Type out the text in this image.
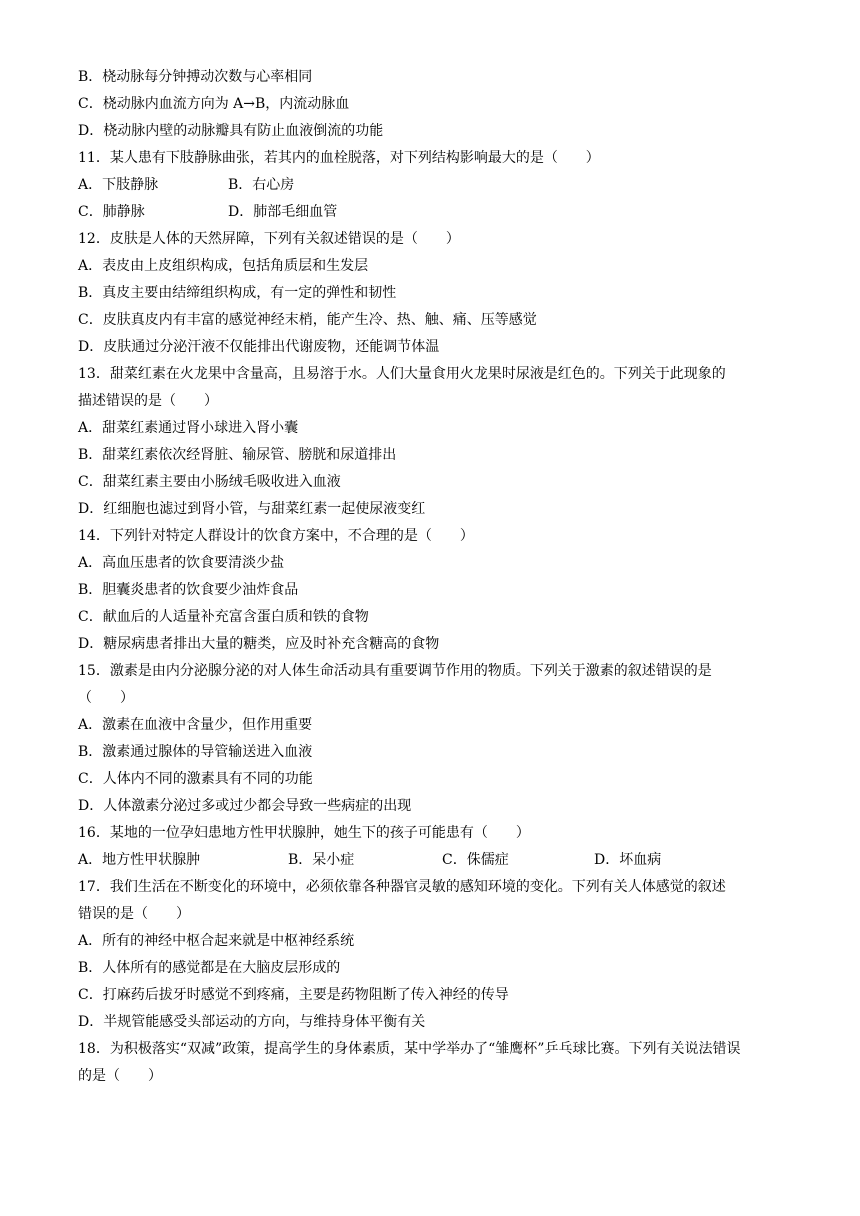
B．桡动脉每分钟搏动次数与心率相同
C．桡动脉内血流方向为 A→B，内流动脉血
D．桡动脉内壁的动脉瓣具有防止血液倒流的功能
11．某人患有下肢静脉曲张，若其内的血栓脱落，对下列结构影响最大的是（　　）
A．下肢静脉	B．右心房
C．肺静脉	D．肺部毛细血管
12．皮肤是人体的天然屏障，下列有关叙述错误的是（　　）
A．表皮由上皮组织构成，包括角质层和生发层
B．真皮主要由结缔组织构成，有一定的弹性和韧性
C．皮肤真皮内有丰富的感觉神经末梢，能产生冷、热、触、痛、压等感觉
D．皮肤通过分泌汗液不仅能排出代谢废物，还能调节体温
13．甜菜红素在火龙果中含量高，且易溶于水。人们大量食用火龙果时尿液是红色的。下列关于此现象的
描述错误的是（　　）
A．甜菜红素通过肾小球进入肾小囊
B．甜菜红素依次经肾脏、输尿管、膀胱和尿道排出
C．甜菜红素主要由小肠绒毛吸收进入血液
D．红细胞也滤过到肾小管，与甜菜红素一起使尿液变红
14．下列针对特定人群设计的饮食方案中，不合理的是（　　）
A．高血压患者的饮食要清淡少盐
B．胆囊炎患者的饮食要少油炸食品
C．献血后的人适量补充富含蛋白质和铁的食物
D．糖尿病患者排出大量的糖类，应及时补充含糖高的食物
15．激素是由内分泌腺分泌的对人体生命活动具有重要调节作用的物质。下列关于激素的叙述错误的是
（　　）
A．激素在血液中含量少，但作用重要
B．激素通过腺体的导管输送进入血液
C．人体内不同的激素具有不同的功能
D．人体激素分泌过多或过少都会导致一些病症的出现
16．某地的一位孕妇患地方性甲状腺肿，她生下的孩子可能患有（　　）
A．地方性甲状腺肿	B．呆小症	C．侏儒症	D．坏血病
17．我们生活在不断变化的环境中，必须依靠各种器官灵敏的感知环境的变化。下列有关人体感觉的叙述
错误的是（　　）
A．所有的神经中枢合起来就是中枢神经系统
B．人体所有的感觉都是在大脑皮层形成的
C．打麻药后拔牙时感觉不到疼痛，主要是药物阻断了传入神经的传导
D．半规管能感受头部运动的方向，与维持身体平衡有关
18．为积极落实“双减”政策，提高学生的身体素质，某中学举办了“雏鹰杯”乒乓球比赛。下列有关说法错误
的是（　　）
